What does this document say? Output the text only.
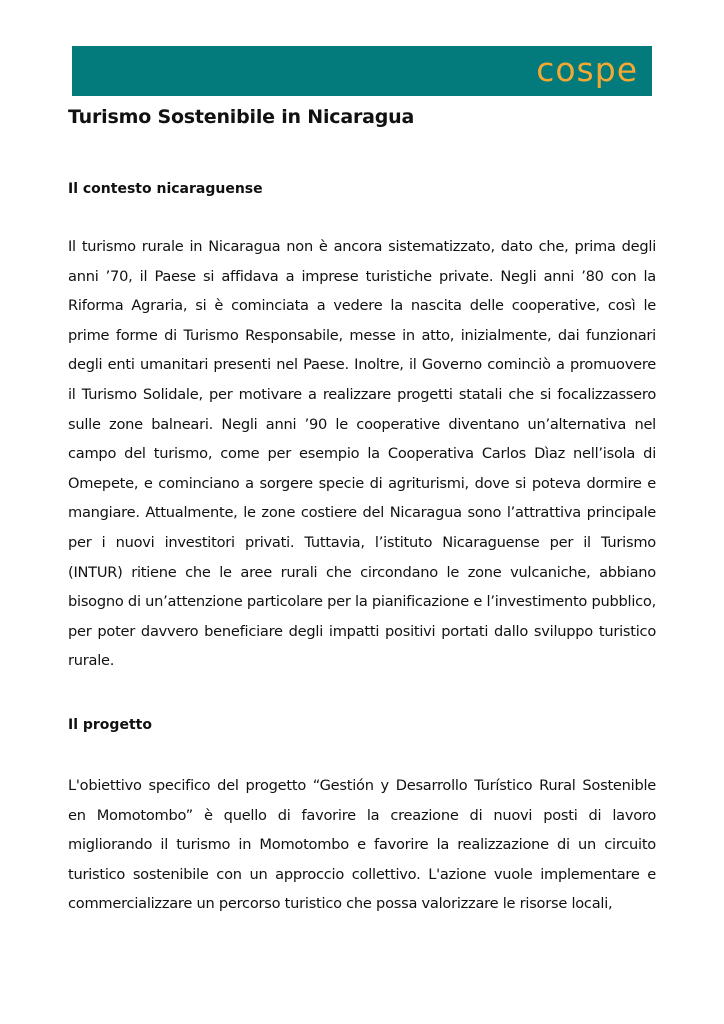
cospe
Turismo Sostenibile in Nicaragua
Il contesto nicaraguense

Il turismo rurale in Nicaragua non è ancora sistematizzato, dato che, prima degli anni ’70, il Paese si affidava a imprese turistiche private. Negli anni ’80 con la Riforma Agraria, si è cominciata a vedere la nascita delle cooperative, così le prime forme di Turismo Responsabile, messe in atto, inizialmente, dai funzionari degli enti umanitari presenti nel Paese. Inoltre, il Governo cominciò a promuovere il Turismo Solidale, per motivare a realizzare progetti statali che si focalizzassero sulle zone balneari. Negli anni ’90 le cooperative diventano un’alternativa nel campo del turismo, come per esempio la Cooperativa Carlos Dìaz nell’isola di Omepete, e cominciano a sorgere specie di agriturismi, dove si poteva dormire e mangiare. Attualmente, le zone costiere del Nicaragua sono l’attrattiva principale per i nuovi investitori privati. Tuttavia, l’istituto Nicaraguense per il Turismo (INTUR) ritiene che le aree rurali che circondano le zone vulcaniche, abbiano bisogno di un’attenzione particolare per la pianificazione e l’investimento pubblico, per poter davvero beneficiare degli impatti positivi portati dallo sviluppo turistico rurale.

Il progetto

L'obiettivo specifico del progetto “Gestión y Desarrollo Turístico Rural Sostenible en Momotombo” è quello di favorire la creazione di nuovi posti di lavoro migliorando il turismo in Momotombo e favorire la realizzazione di un circuito turistico sostenibile con un approccio collettivo. L'azione vuole implementare e commercializzare un percorso turistico che possa valorizzare le risorse locali,
